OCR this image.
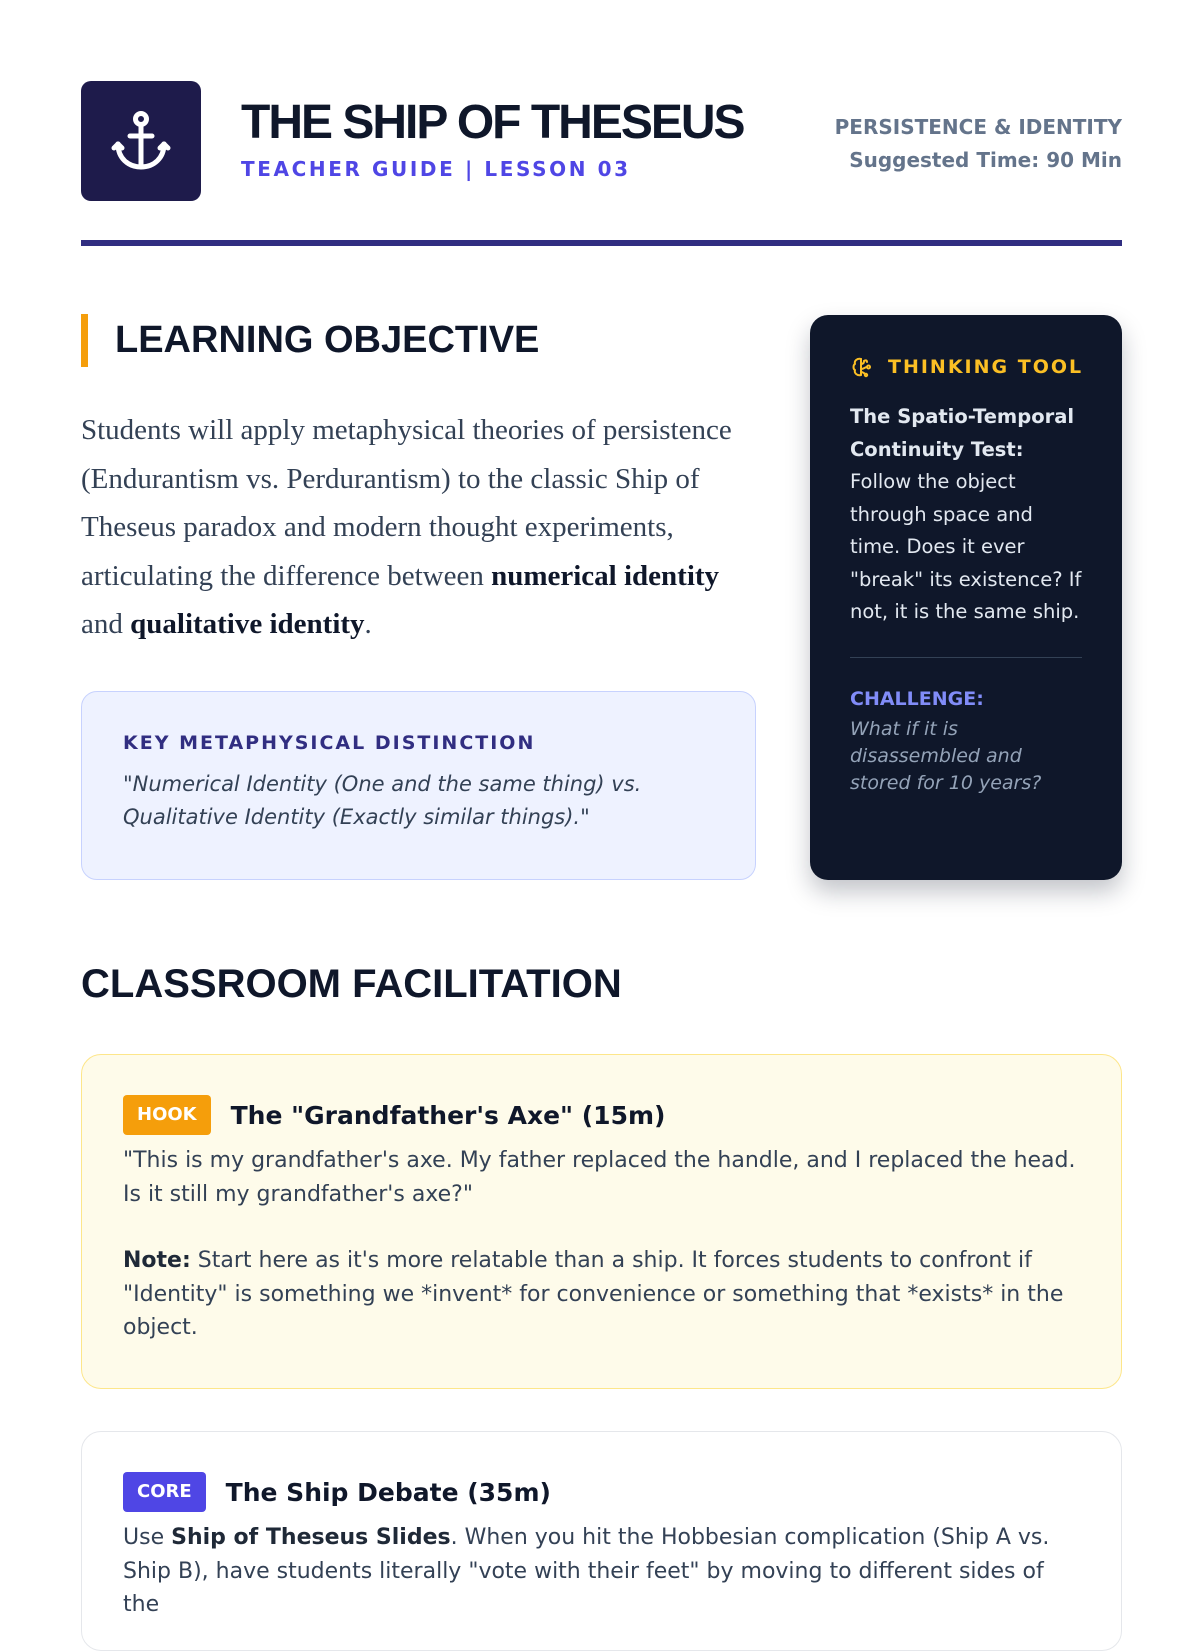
THE SHIP OF THESEUS
TEACHER GUIDE | LESSON 03
PERSISTENCE & IDENTITY
Suggested Time: 90 Min
LEARNING OBJECTIVE

Students will apply metaphysical theories of persistence (Endurantism vs. Perdurantism) to the classic Ship of Theseus paradox and modern thought experiments, articulating the difference between numerical identity and qualitative identity.

KEY METAPHYSICAL DISTINCTION

"Numerical Identity (One and the same thing) vs. Qualitative Identity (Exactly similar things)."

THINKING TOOL

The Spatio-Temporal Continuity Test: Follow the object through space and time. Does it ever "break" its existence? If not, it is the same ship.

CHALLENGE:

What if it is disassembled and stored for 10 years?

CLASSROOM FACILITATION
HOOK	The "Grandfather's Axe" (15m)

"This is my grandfather's axe. My father replaced the handle, and I replaced the head. Is it still my grandfather's axe?"

Note: Start here as it's more relatable than a ship. It forces students to confront if "Identity" is something we *invent* for convenience or something that *exists* in the object.

CORE	The Ship Debate (35m)

Use Ship of Theseus Slides. When you hit the Hobbesian complication (Ship A vs. Ship B), have students literally "vote with their feet" by moving to different sides of the
